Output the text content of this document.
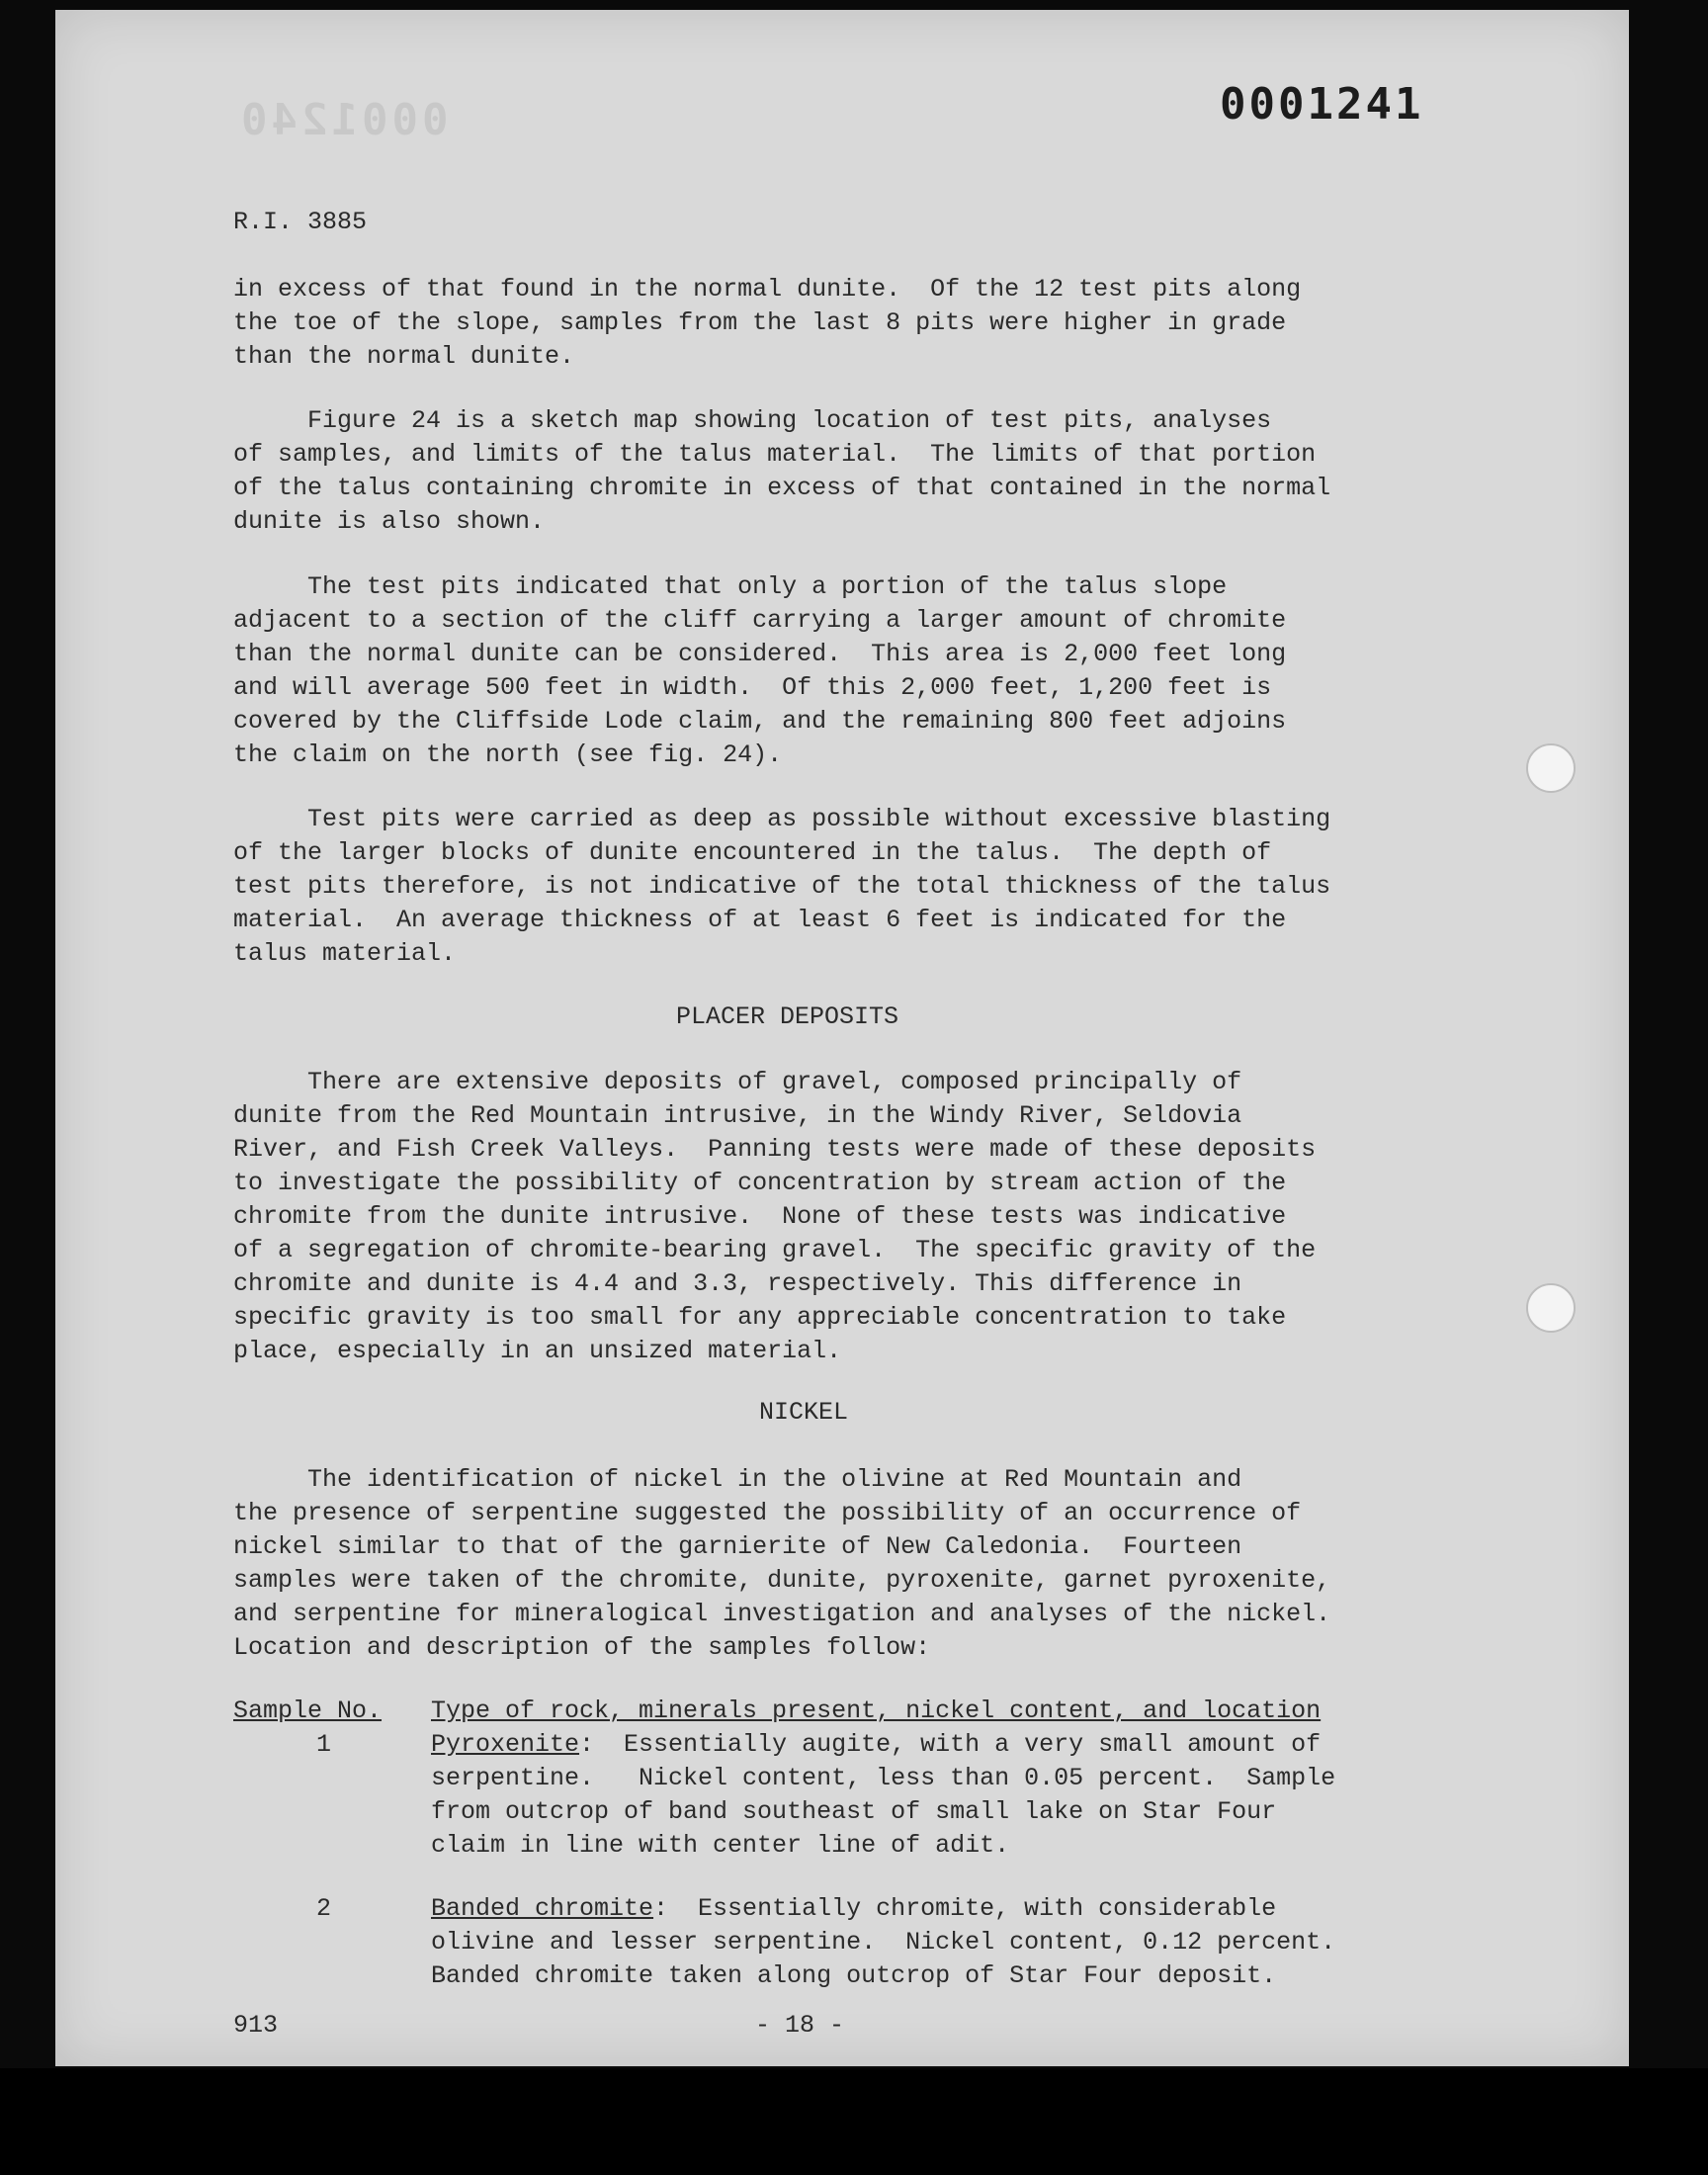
0001240	0001241
R.I. 3885
in excess of that found in the normal dunite.  Of the 12 test pits along
the toe of the slope, samples from the last 8 pits were higher in grade
than the normal dunite.
Figure 24 is a sketch map showing location of test pits, analyses
of samples, and limits of the talus material.  The limits of that portion
of the talus containing chromite in excess of that contained in the normal
dunite is also shown.
The test pits indicated that only a portion of the talus slope
adjacent to a section of the cliff carrying a larger amount of chromite
than the normal dunite can be considered.  This area is 2,000 feet long
and will average 500 feet in width.  Of this 2,000 feet, 1,200 feet is
covered by the Cliffside Lode claim, and the remaining 800 feet adjoins
the claim on the north (see fig. 24).
Test pits were carried as deep as possible without excessive blasting
of the larger blocks of dunite encountered in the talus.  The depth of
test pits therefore, is not indicative of the total thickness of the talus
material.  An average thickness of at least 6 feet is indicated for the
talus material.
PLACER DEPOSITS
There are extensive deposits of gravel, composed principally of
dunite from the Red Mountain intrusive, in the Windy River, Seldovia
River, and Fish Creek Valleys.  Panning tests were made of these deposits
to investigate the possibility of concentration by stream action of the
chromite from the dunite intrusive.  None of these tests was indicative
of a segregation of chromite-bearing gravel.  The specific gravity of the
chromite and dunite is 4.4 and 3.3, respectively. This difference in
specific gravity is too small for any appreciable concentration to take
place, especially in an unsized material.
NICKEL
The identification of nickel in the olivine at Red Mountain and
the presence of serpentine suggested the possibility of an occurrence of
nickel similar to that of the garnierite of New Caledonia.  Fourteen
samples were taken of the chromite, dunite, pyroxenite, garnet pyroxenite,
and serpentine for mineralogical investigation and analyses of the nickel.
Location and description of the samples follow:
Sample No. Type of rock, minerals present, nickel content, and location
1	Pyroxenite:  Essentially augite, with a very small amount of
serpentine.   Nickel content, less than 0.05 percent.  Sample
from outcrop of band southeast of small lake on Star Four
claim in line with center line of adit.
2	Banded chromite:  Essentially chromite, with considerable
olivine and lesser serpentine.  Nickel content, 0.12 percent.
Banded chromite taken along outcrop of Star Four deposit.
913	- 18 -
